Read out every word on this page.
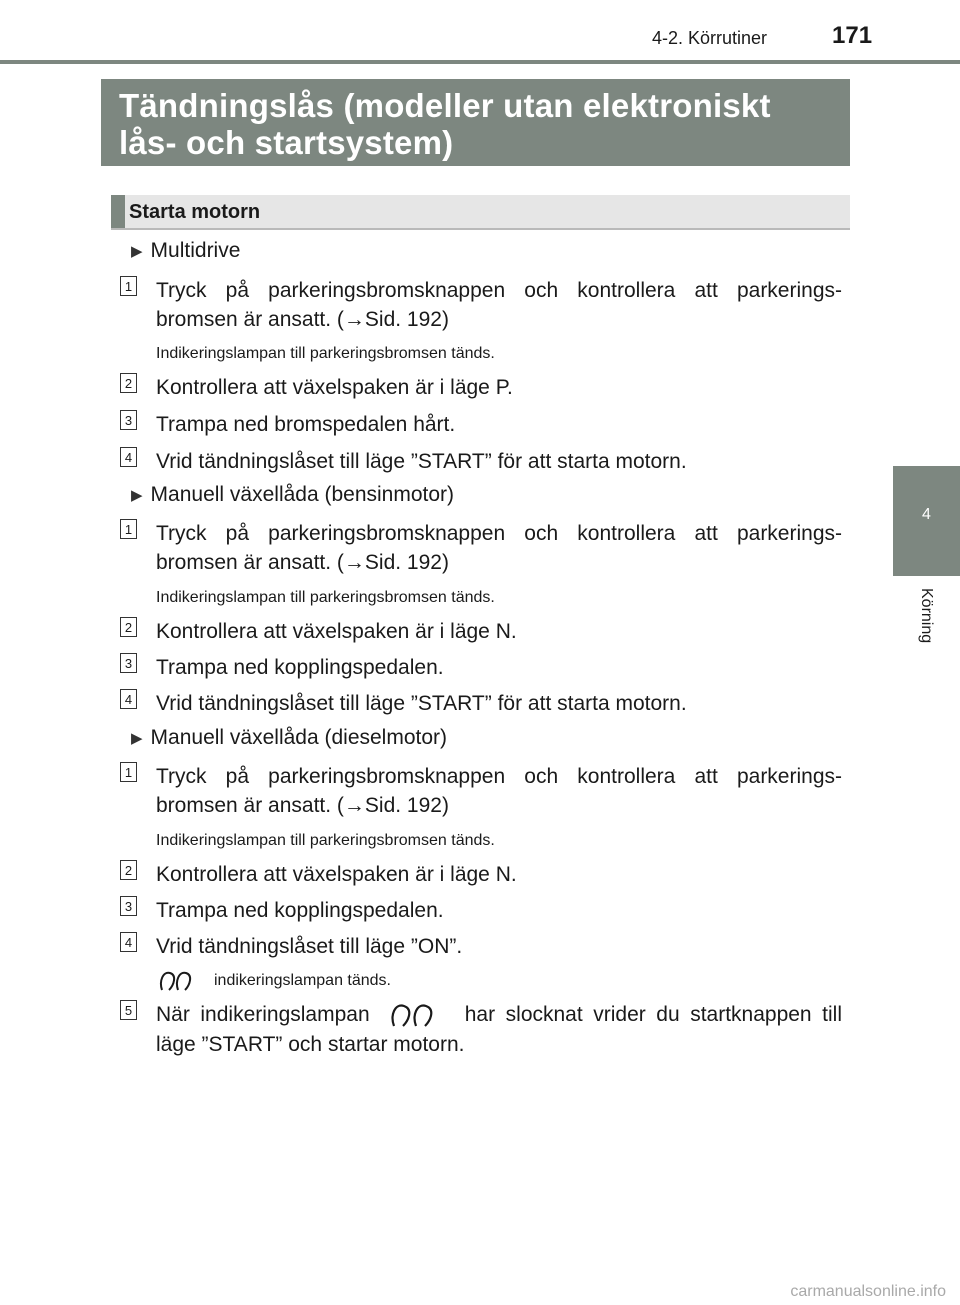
4-2. Körrutiner	171
4
Körning
Tändningslås (modeller utan elektroniskt
lås- och startsystem)
Starta motorn
▶ Multidrive
1 Tryck på parkeringsbromsknappen och kontrollera att parkerings-bromsen är ansatt. (→Sid. 192)
Indikeringslampan till parkeringsbromsen tänds.
2 Kontrollera att växelspaken är i läge P.
3 Trampa ned bromspedalen hårt.
4 Vrid tändningslåset till läge ”START” för att starta motorn.
▶ Manuell växellåda (bensinmotor)
1 Tryck på parkeringsbromsknappen och kontrollera att parkerings-bromsen är ansatt. (→Sid. 192)
Indikeringslampan till parkeringsbromsen tänds.
2 Kontrollera att växelspaken är i läge N.
3 Trampa ned kopplingspedalen.
4 Vrid tändningslåset till läge ”START” för att starta motorn.
▶ Manuell växellåda (dieselmotor)
1 Tryck på parkeringsbromsknappen och kontrollera att parkerings-bromsen är ansatt. (→Sid. 192)
Indikeringslampan till parkeringsbromsen tänds.
2 Kontrollera att växelspaken är i läge N.
3 Trampa ned kopplingspedalen.
4 Vrid tändningslåset till läge ”ON”.
indikeringslampan tänds.
5 När indikeringslampan	har slocknat vrider du startknappen till läge ”START” och startar motorn.
carmanualsonline.info
